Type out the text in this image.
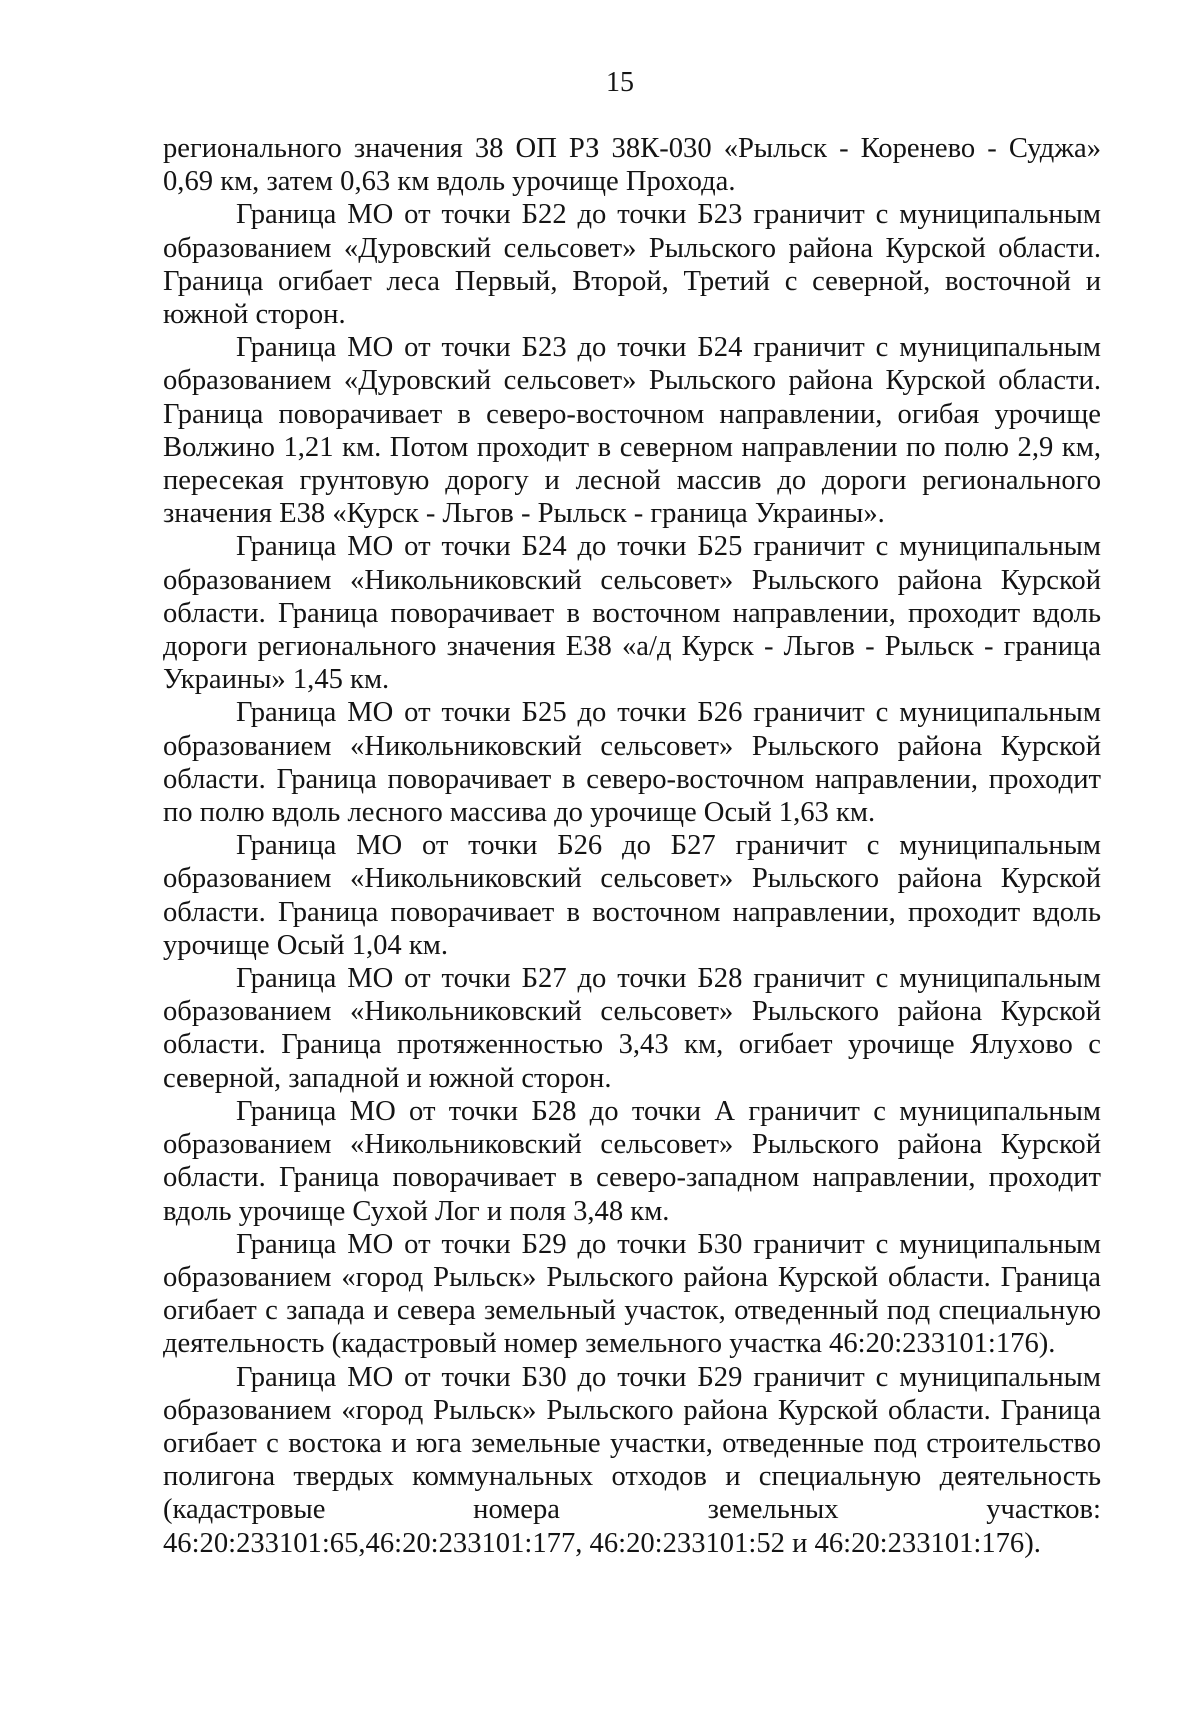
15

регионального значения 38 ОП РЗ 38К-030 «Рыльск - Коренево - Суджа» 0,69 км, затем 0,63 км вдоль урочище Прохода.

Граница МО от точки Б22 до точки Б23 граничит с муниципальным образованием «Дуровский сельсовет» Рыльского района Курской области. Граница огибает леса Первый, Второй, Третий с северной, восточной и южной сторон.

Граница МО от точки Б23 до точки Б24 граничит с муниципальным образованием «Дуровский сельсовет» Рыльского района Курской области. Граница поворачивает в северо-восточном направлении, огибая урочище Волжино 1,21 км. Потом проходит в северном направлении по полю 2,9 км, пересекая грунтовую дорогу и лесной массив до дороги регионального значения Е38 «Курск - Льгов - Рыльск - граница Украины».

Граница МО от точки Б24 до точки Б25 граничит с муниципальным образованием «Никольниковский сельсовет» Рыльского района Курской области. Граница поворачивает в восточном направлении, проходит вдоль дороги регионального значения Е38 «а/д Курск - Льгов - Рыльск - граница Украины» 1,45 км.

Граница МО от точки Б25 до точки Б26 граничит с муниципальным образованием «Никольниковский сельсовет» Рыльского района Курской области. Граница поворачивает в северо-восточном направлении, проходит по полю вдоль лесного массива до урочище Осый 1,63 км.

Граница МО от точки Б26 до Б27 граничит с муниципальным образованием «Никольниковский сельсовет» Рыльского района Курской области. Граница поворачивает в восточном направлении, проходит вдоль урочище Осый 1,04 км.

Граница МО от точки Б27 до точки Б28 граничит с муниципальным образованием «Никольниковский сельсовет» Рыльского района Курской области. Граница протяженностью 3,43 км, огибает урочище Ялухово с северной, западной и южной сторон.

Граница МО от точки Б28 до точки А граничит с муниципальным образованием «Никольниковский сельсовет» Рыльского района Курской области. Граница поворачивает в северо-западном направлении, проходит вдоль урочище Сухой Лог и поля 3,48 км.

Граница МО от точки Б29 до точки Б30 граничит с муниципальным образованием «город Рыльск» Рыльского района Курской области. Граница огибает с запада и севера земельный участок, отведенный под специальную деятельность (кадастровый номер земельного участка 46:20:233101:176).

Граница МО от точки Б30 до точки Б29 граничит с муниципальным образованием «город Рыльск» Рыльского района Курской области. Граница огибает с востока и юга земельные участки, отведенные под строительство полигона твердых коммунальных отходов и специальную деятельность (кадастровые номера земельных участков: 46:20:233101:65,46:20:233101:177, 46:20:233101:52 и 46:20:233101:176).
